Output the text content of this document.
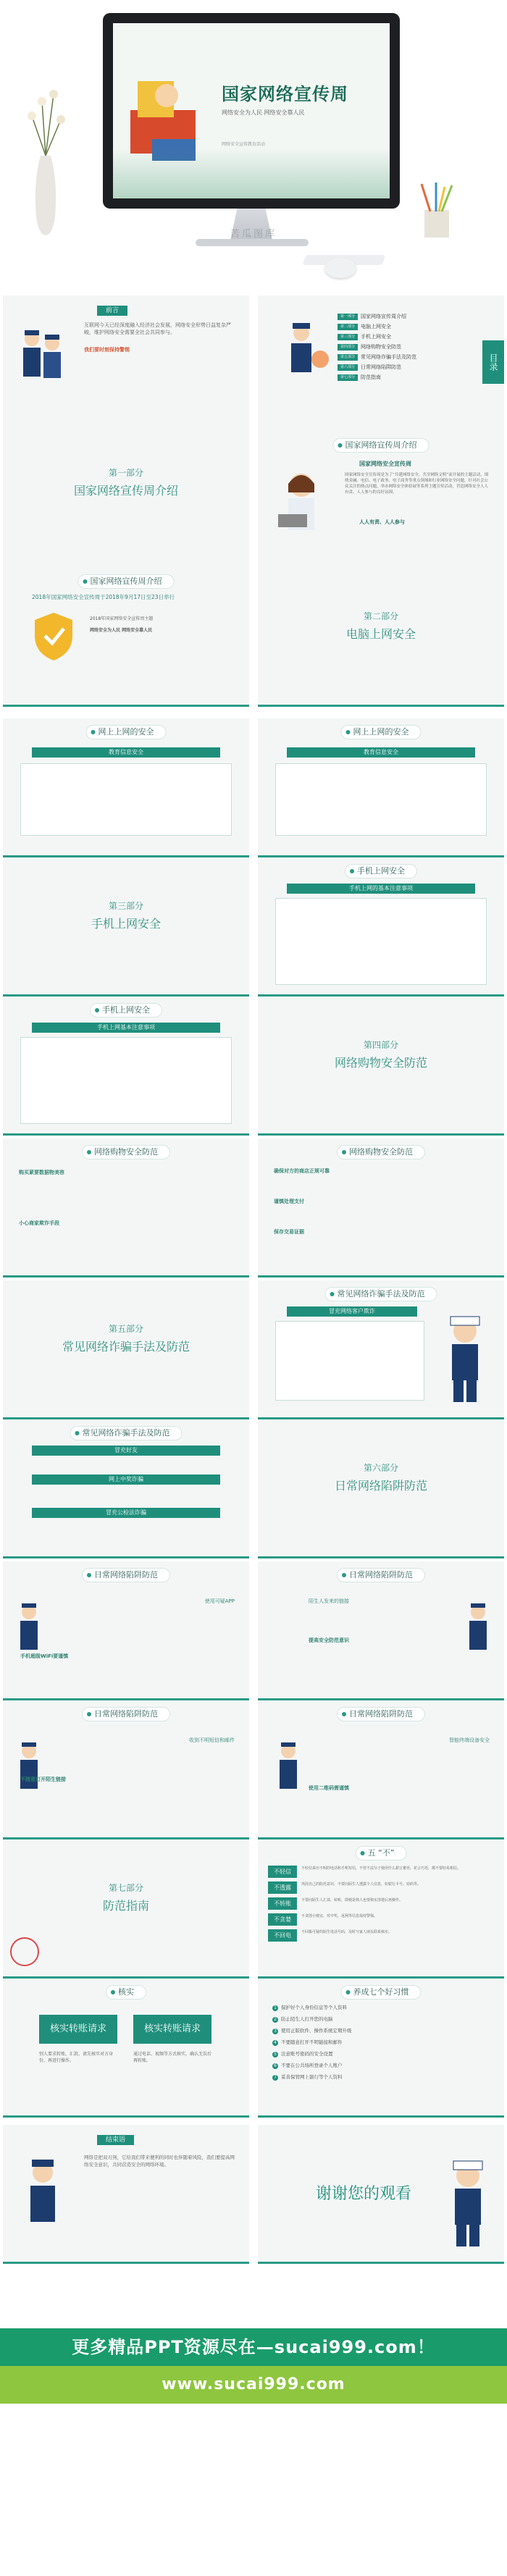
国家网络宣传周
网络安全为人民 网络安全靠人民
网络安全宣传教育活动
苦瓜图库
前言
互联网今天已经深度融入经济社会发展，网络安全形势日益复杂严峻，维护网络安全需要全社会共同参与。
我们要时刻保持警惕
目录
第一部分 国家网络宣传周介绍
第二部分 电脑上网安全
第三部分 手机上网安全
第四部分 网络购物安全防范
第五部分 常见网络诈骗手法及防范
第六部分 日常网络陷阱防范
第七部分 防范指南
第一部分
国家网络宣传周介绍
国家网络宣传周介绍
国家网络安全宣传周
国家网络安全宣传周是为了“共建网络安全，共享网络文明”而开展的主题活动，围绕金融、电信、电子政务、电子商务等重点领域和行业网络安全问题，针对社会公众关注的热点问题，举办网络安全体验展等系列主题宣传活动，营造网络安全人人有责、人人参与的良好氛围。
人人有责、人人参与
国家网络宣传周介绍
2018年国家网络安全宣传周于2018年9月17日至23日举行
2018年国家网络安全宣传周主题
网络安全为人民 网络安全靠人民
第二部分
电脑上网安全
网上上网的安全
教育信息安全
网上上网的安全
教育信息安全
第三部分
手机上网安全
手机上网安全
手机上网的基本注意事项
手机上网安全
手机上网基本注意事项
第四部分
网络购物安全防范
网络购物安全防范
购买紧要数据物美容
小心商家欺诈手段
网络购物安全防范
确保对方的商店正规可靠
谨慎处理支付
保存交易证据
第五部分
常见网络诈骗手法及防范
常见网络诈骗手法及防范
冒充网络客户欺诈
常见网络诈骗手法及防范
冒充好友
网上中奖诈骗
冒充公检法诈骗
第六部分
日常网络陷阱防范
日常网络陷阱防范
使用可疑APP
手机超级WiFi要谨慎
日常网络陷阱防范
陌生人发来的链接
提高安全防范意识
日常网络陷阱防范
收到不明短信和邮件
不随意打开陌生链接
日常网络陷阱防范
智能终端设备安全
使用二维码需谨慎
第七部分
防范指南
五 “不”
不轻信	不轻信来历不明的电话和手机短信，不管不法分子使用什么甜言蜜语、花言巧语，都不要轻易相信。
不透露	巩固自己的防范意识，不要向陌生人透露个人信息，如银行卡号、密码等。
不转账	不要向陌生人汇款、转账，即便是熟人也要核实清楚后再操作。
不贪婪	不贪图小便宜，对中奖、返利等信息保持警惕。
不回电	不回拨可疑的陌生电话号码，及时与家人朋友联系核实。
核实
核实转账请求	核实转账请求
别人要求转账、汇款，请先核实对方身份，再进行操作。
通过电话、视频等方式核实，确认无误后再转账。
养成七个好习惯
1 保护好个人身份信息等个人资料
2 防止陌生人打开您的电脑
3 使用正版软件、操作系统定期升级
4 不要随意打开不明链接和邮件
5 注意账号密码的安全设置
6 不要在公共场所登录个人账户
7 妥善保管网上银行等个人资料
结束语
网络是把双刃剑，它给我们带来便利的同时也伴随着风险，我们要提高网络安全意识，共同营造安全的网络环境。
谢谢您的观看
更多精品PPT资源尽在—sucai999.com！
www.sucai999.com
